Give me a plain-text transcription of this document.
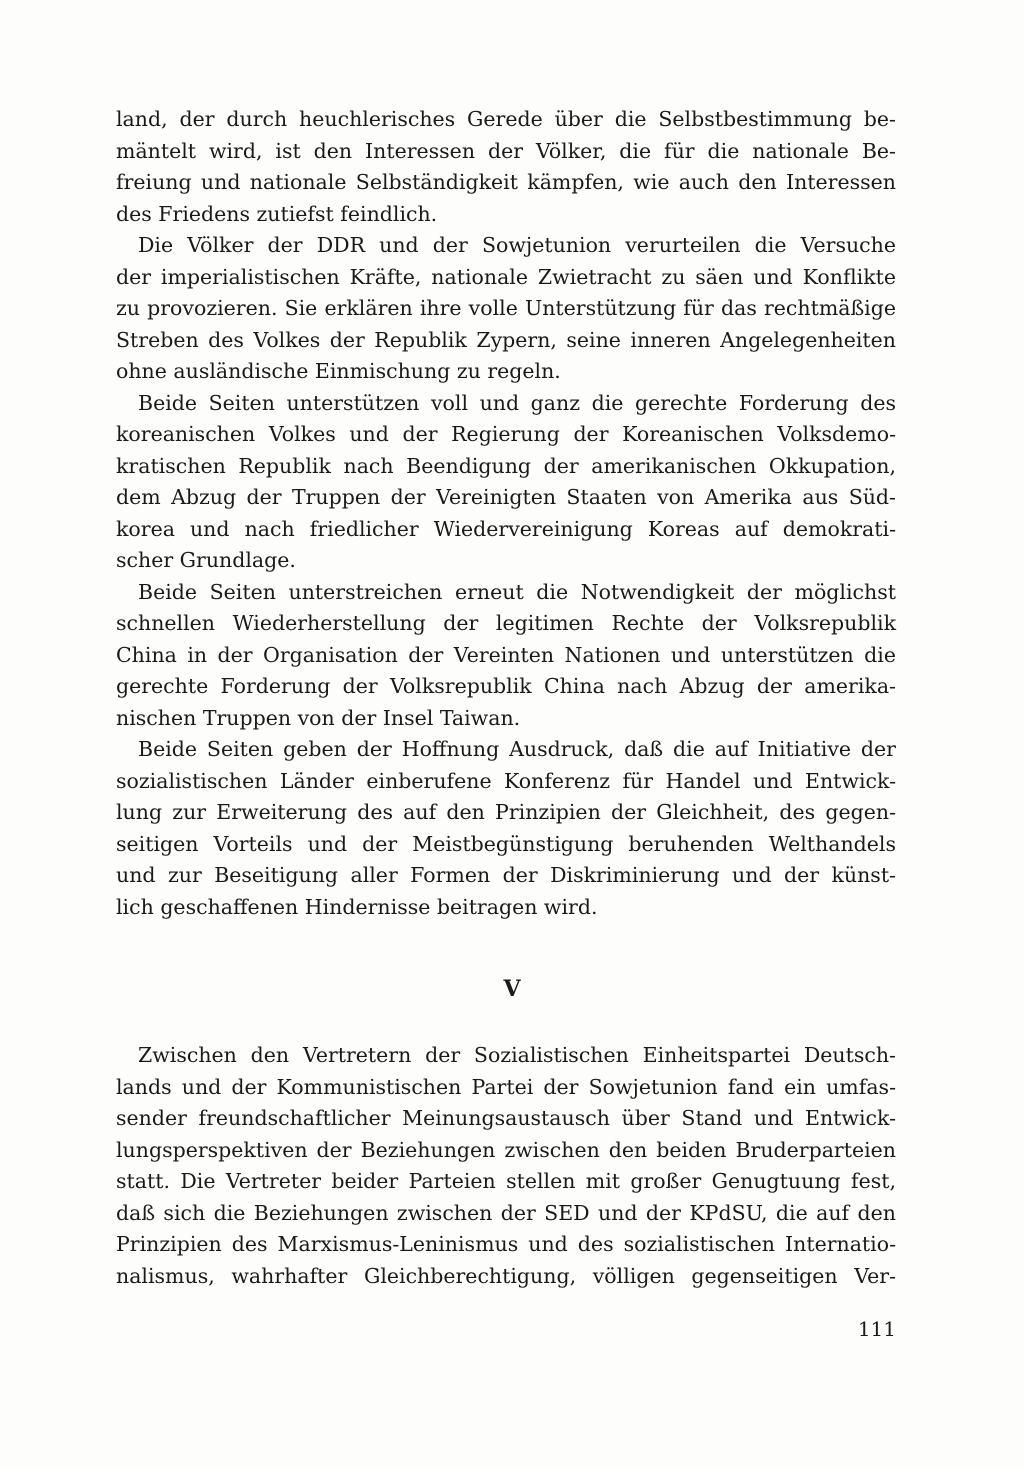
land, der durch heuchlerisches Gerede über die Selbstbestimmung be-
mäntelt wird, ist den Interessen der Völker, die für die nationale Be-
freiung und nationale Selbständigkeit kämpfen, wie auch den Interessen
des Friedens zutiefst feindlich.
Die Völker der DDR und der Sowjetunion verurteilen die Versuche
der imperialistischen Kräfte, nationale Zwietracht zu säen und Konflikte
zu provozieren. Sie erklären ihre volle Unterstützung für das rechtmäßige
Streben des Volkes der Republik Zypern, seine inneren Angelegenheiten
ohne ausländische Einmischung zu regeln.
Beide Seiten unterstützen voll und ganz die gerechte Forderung des
koreanischen Volkes und der Regierung der Koreanischen Volksdemo-
kratischen Republik nach Beendigung der amerikanischen Okkupation,
dem Abzug der Truppen der Vereinigten Staaten von Amerika aus Süd-
korea und nach friedlicher Wiedervereinigung Koreas auf demokrati-
scher Grundlage.
Beide Seiten unterstreichen erneut die Notwendigkeit der möglichst
schnellen Wiederherstellung der legitimen Rechte der Volksrepublik
China in der Organisation der Vereinten Nationen und unterstützen die
gerechte Forderung der Volksrepublik China nach Abzug der amerika-
nischen Truppen von der Insel Taiwan.
Beide Seiten geben der Hoffnung Ausdruck, daß die auf Initiative der
sozialistischen Länder einberufene Konferenz für Handel und Entwick-
lung zur Erweiterung des auf den Prinzipien der Gleichheit, des gegen-
seitigen Vorteils und der Meistbegünstigung beruhenden Welthandels
und zur Beseitigung aller Formen der Diskriminierung und der künst-
lich geschaffenen Hindernisse beitragen wird.
V
Zwischen den Vertretern der Sozialistischen Einheitspartei Deutsch-
lands und der Kommunistischen Partei der Sowjetunion fand ein umfas-
sender freundschaftlicher Meinungsaustausch über Stand und Entwick-
lungsperspektiven der Beziehungen zwischen den beiden Bruderparteien
statt. Die Vertreter beider Parteien stellen mit großer Genugtuung fest,
daß sich die Beziehungen zwischen der SED und der KPdSU, die auf den
Prinzipien des Marxismus-Leninismus und des sozialistischen Internatio-
nalismus, wahrhafter Gleichberechtigung, völligen gegenseitigen Ver-
111
